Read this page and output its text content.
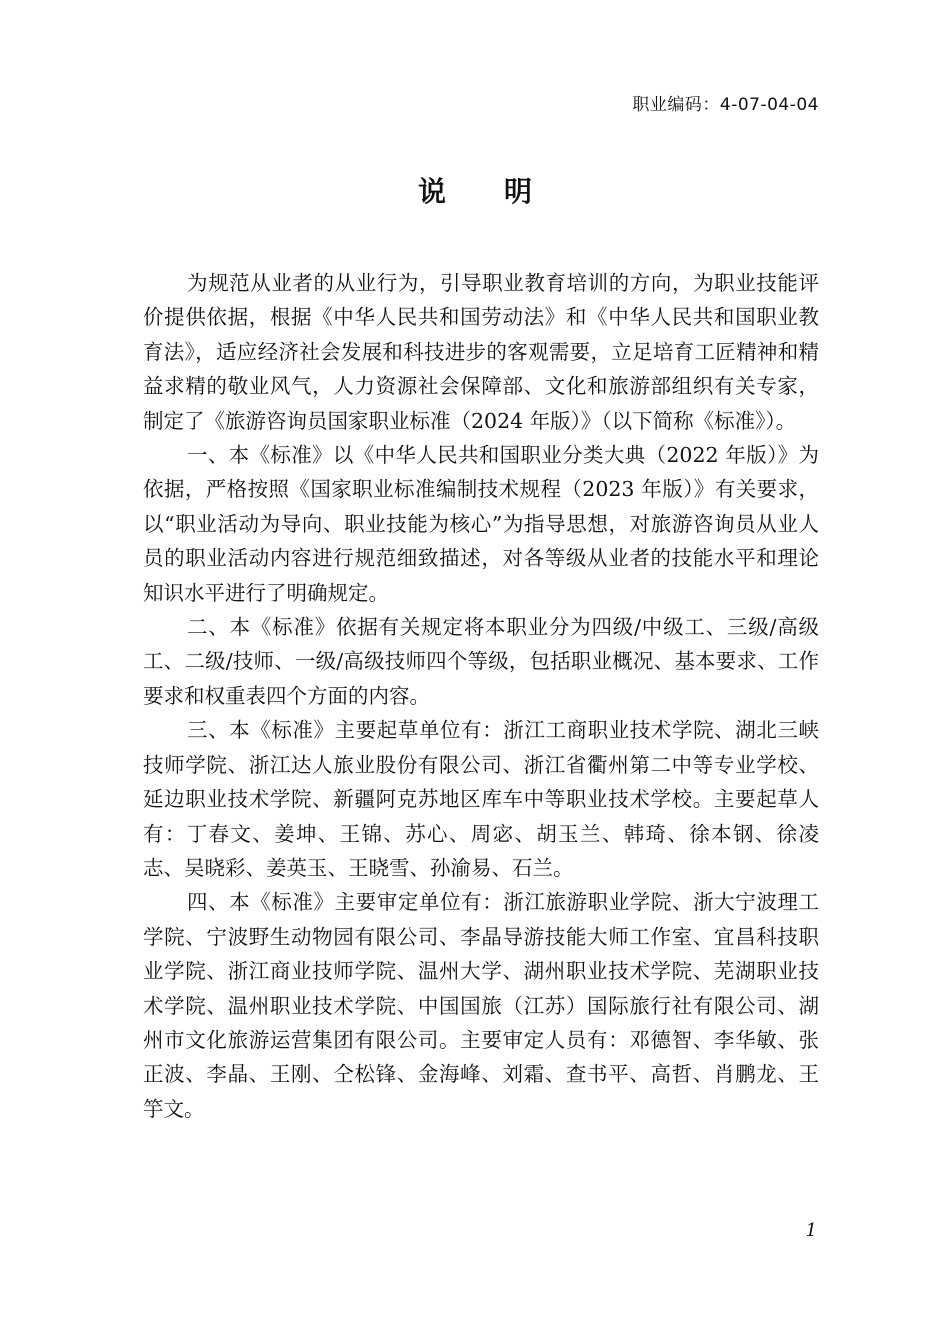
职业编码：4-07-04-04
说明

为规范从业者的从业行为，引导职业教育培训的方向，为职业技能评价提供依据，根据《中华人民共和国劳动法》和《中华人民共和国职业教育法》，适应经济社会发展和科技进步的客观需要，立足培育工匠精神和精益求精的敬业风气，人力资源社会保障部、文化和旅游部组织有关专家，制定了《旅游咨询员国家职业标准（2024 年版）》（以下简称《标准》）。

一、本《标准》以《中华人民共和国职业分类大典（2022 年版）》为依据，严格按照《国家职业标准编制技术规程（2023 年版）》有关要求，以“职业活动为导向、职业技能为核心”为指导思想，对旅游咨询员从业人员的职业活动内容进行规范细致描述，对各等级从业者的技能水平和理论知识水平进行了明确规定。

二、本《标准》依据有关规定将本职业分为四级/中级工、三级/高级工、二级/技师、一级/高级技师四个等级，包括职业概况、基本要求、工作要求和权重表四个方面的内容。

三、本《标准》主要起草单位有：浙江工商职业技术学院、湖北三峡技师学院、浙江达人旅业股份有限公司、浙江省衢州第二中等专业学校、延边职业技术学院、新疆阿克苏地区库车中等职业技术学校。主要起草人有：丁春文、姜坤、王锦、苏心、周宓、胡玉兰、韩琦、徐本钢、徐凌志、吴晓彩、姜英玉、王晓雪、孙渝易、石兰。

四、本《标准》主要审定单位有：浙江旅游职业学院、浙大宁波理工学院、宁波野生动物园有限公司、李晶导游技能大师工作室、宜昌科技职业学院、浙江商业技师学院、温州大学、湖州职业技术学院、芜湖职业技术学院、温州职业技术学院、中国国旅（江苏）国际旅行社有限公司、湖州市文化旅游运营集团有限公司。主要审定人员有：邓德智、李华敏、张正波、李晶、王刚、仝松锋、金海峰、刘霜、查书平、高哲、肖鹏龙、王竽文。

1
